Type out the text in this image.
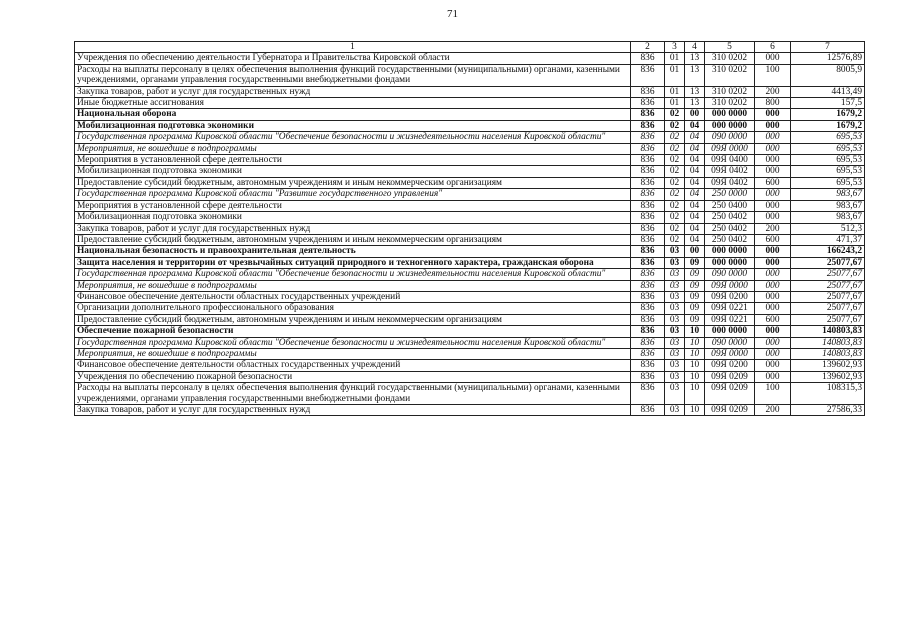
71
1	2	3	4	5	6	7
Учреждения по обеспечению деятельности Губернатора и Правительства Кировской области	836	01	13	310 0202	000	12576,89
Расходы на выплаты персоналу в целях обеспечения выполнения функций государственными (муниципальными) органами, казенными учреждениями, органами управления государственными внебюджетными фондами	836	01	13	310 0202	100	8005,9
Закупка товаров, работ и услуг для государственных нужд	836	01	13	310 0202	200	4413,49
Иные бюджетные ассигнования	836	01	13	310 0202	800	157,5
Национальная оборона	836	02	00	000 0000	000	1679,2
Мобилизационная подготовка экономики	836	02	04	000 0000	000	1679,2
Государственная программа Кировской области "Обеспечение безопасности и жизнедеятельности населения Кировской области"	836	02	04	090 0000	000	695,53
Мероприятия, не вошедшие в подпрограммы	836	02	04	09Я 0000	000	695,53
Мероприятия в установленной сфере деятельности	836	02	04	09Я 0400	000	695,53
Мобилизационная подготовка экономики	836	02	04	09Я 0402	000	695,53
Предоставление субсидий бюджетным, автономным учреждениям и иным некоммерческим организациям	836	02	04	09Я 0402	600	695,53
Государственная программа Кировской области "Развитие государственного управления"	836	02	04	250 0000	000	983,67
Мероприятия в установленной сфере деятельности	836	02	04	250 0400	000	983,67
Мобилизационная подготовка экономики	836	02	04	250 0402	000	983,67
Закупка товаров, работ и услуг для государственных нужд	836	02	04	250 0402	200	512,3
Предоставление субсидий бюджетным, автономным учреждениям и иным некоммерческим организациям	836	02	04	250 0402	600	471,37
Национальная безопасность и правоохранительная деятельность	836	03	00	000 0000	000	166243,2
Защита населения и территории от чрезвычайных ситуаций природного и техногенного характера, гражданская оборона	836	03	09	000 0000	000	25077,67
Государственная программа Кировской области "Обеспечение безопасности и жизнедеятельности населения Кировской области"	836	03	09	090 0000	000	25077,67
Мероприятия, не вошедшие в подпрограммы	836	03	09	09Я 0000	000	25077,67
Финансовое обеспечение деятельности областных государственных учреждений	836	03	09	09Я 0200	000	25077,67
Организации дополнительного профессионального образования	836	03	09	09Я 0221	000	25077,67
Предоставление субсидий бюджетным, автономным учреждениям и иным некоммерческим организациям	836	03	09	09Я 0221	600	25077,67
Обеспечение пожарной безопасности	836	03	10	000 0000	000	140803,83
Государственная программа Кировской области "Обеспечение безопасности и жизнедеятельности населения Кировской области"	836	03	10	090 0000	000	140803,83
Мероприятия, не вошедшие в подпрограммы	836	03	10	09Я 0000	000	140803,83
Финансовое обеспечение деятельности областных государственных учреждений	836	03	10	09Я 0200	000	139602,93
Учреждения по обеспечению пожарной безопасности	836	03	10	09Я 0209	000	139602,93
Расходы на выплаты персоналу в целях обеспечения выполнения функций государственными (муниципальными) органами, казенными учреждениями, органами управления государственными внебюджетными фондами	836	03	10	09Я 0209	100	108315,3
Закупка товаров, работ и услуг для государственных нужд	836	03	10	09Я 0209	200	27586,33
